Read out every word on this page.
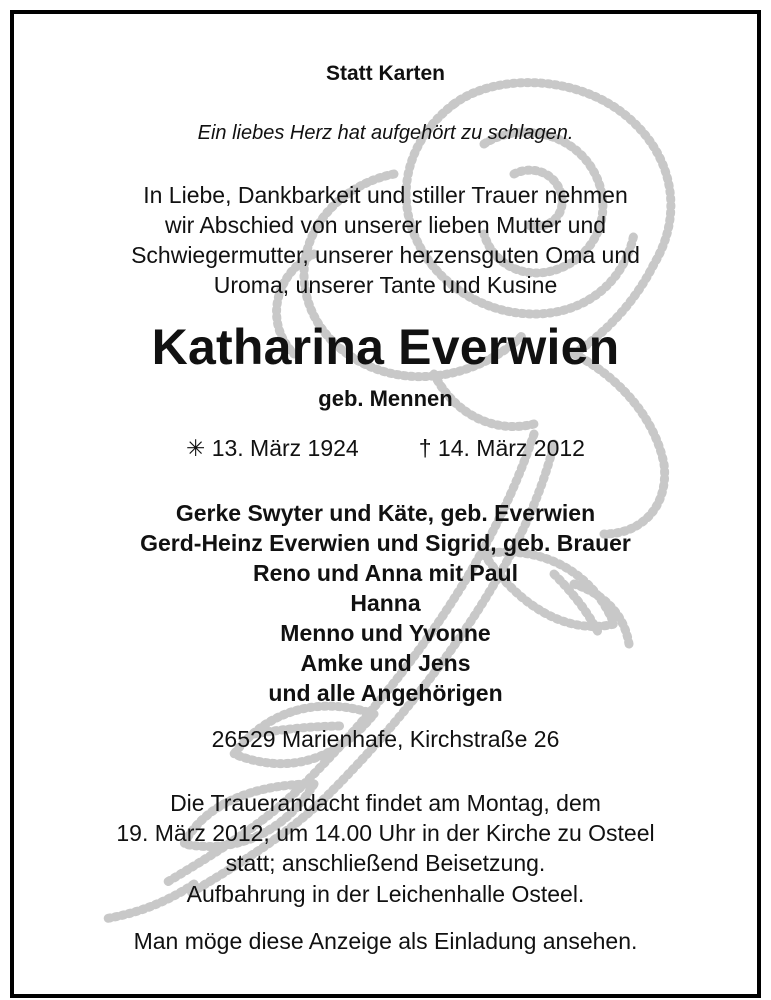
Statt Karten
Ein liebes Herz hat aufgehört zu schlagen.
In Liebe, Dankbarkeit und stiller Trauer nehmen
wir Abschied von unserer lieben Mutter und
Schwiegermutter, unserer herzensguten Oma und
Uroma, unserer Tante und Kusine
Katharina Everwien
geb. Mennen
✳ 13. März 1924	† 14. März 2012
Gerke Swyter und Käte, geb. Everwien
Gerd-Heinz Everwien und Sigrid, geb. Brauer
Reno und Anna mit Paul
Hanna
Menno und Yvonne
Amke und Jens
und alle Angehörigen
26529 Marienhafe, Kirchstraße 26
Die Trauerandacht findet am Montag, dem
19. März 2012, um 14.00 Uhr in der Kirche zu Osteel
statt; anschließend Beisetzung.
Aufbahrung in der Leichenhalle Osteel.
Man möge diese Anzeige als Einladung ansehen.
